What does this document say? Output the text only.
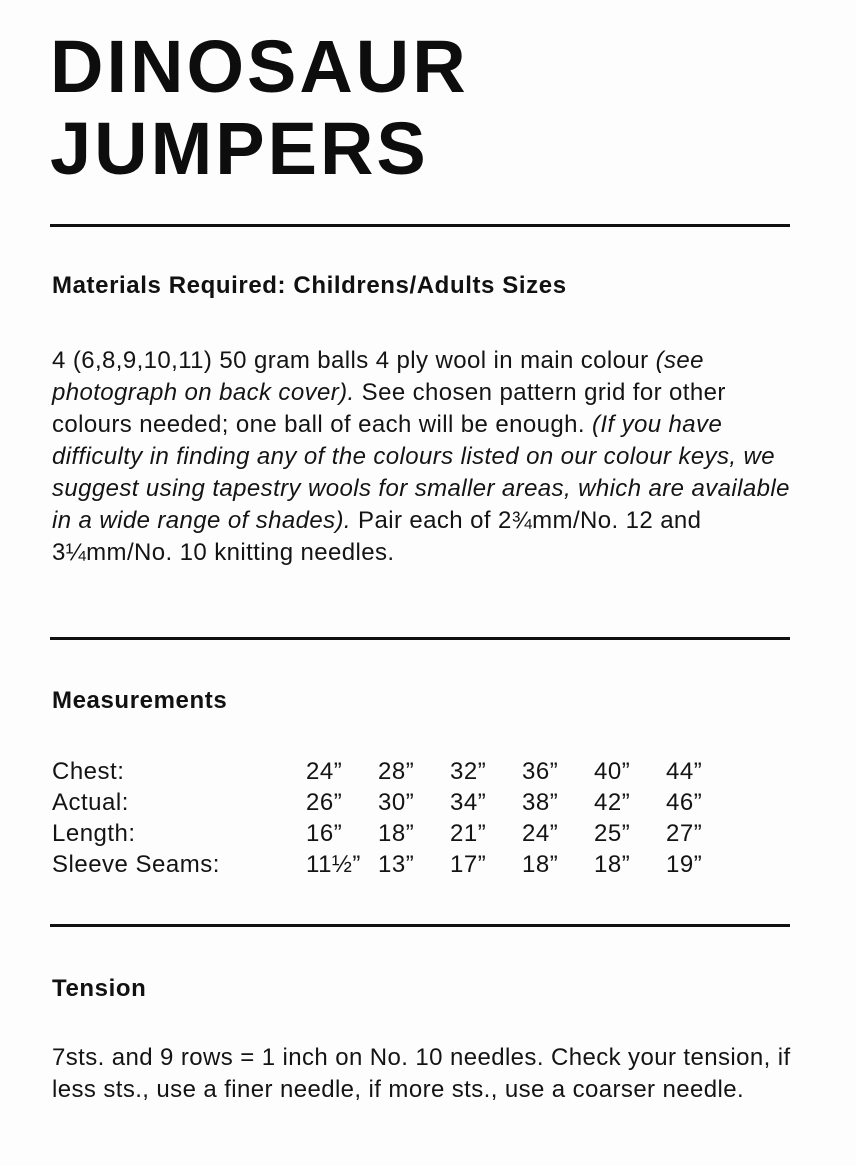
DINOSAUR
JUMPERS
Materials Required: Childrens/Adults Sizes

4 (6,8,9,10,11) 50 gram balls 4 ply wool in main colour (see photograph on back cover). See chosen pattern grid for other colours needed; one ball of each will be enough. (If you have difficulty in finding any of the colours listed on our colour keys, we suggest using tapestry wools for smaller areas, which are available in a wide range of shades). Pair each of 2¾mm/No. 12 and 3¼mm/No. 10 knitting needles.

Measurements
Chest:	24”	28”	32”	36”	40”	44”
Actual:	26”	30”	34”	38”	42”	46”
Length:	16”	18”	21”	24”	25”	27”
Sleeve Seams:	11½”	13”	17”	18”	18”	19”
Tension

7sts. and 9 rows = 1 inch on No. 10 needles. Check your tension, if less sts., use a finer needle, if more sts., use a coarser needle.
